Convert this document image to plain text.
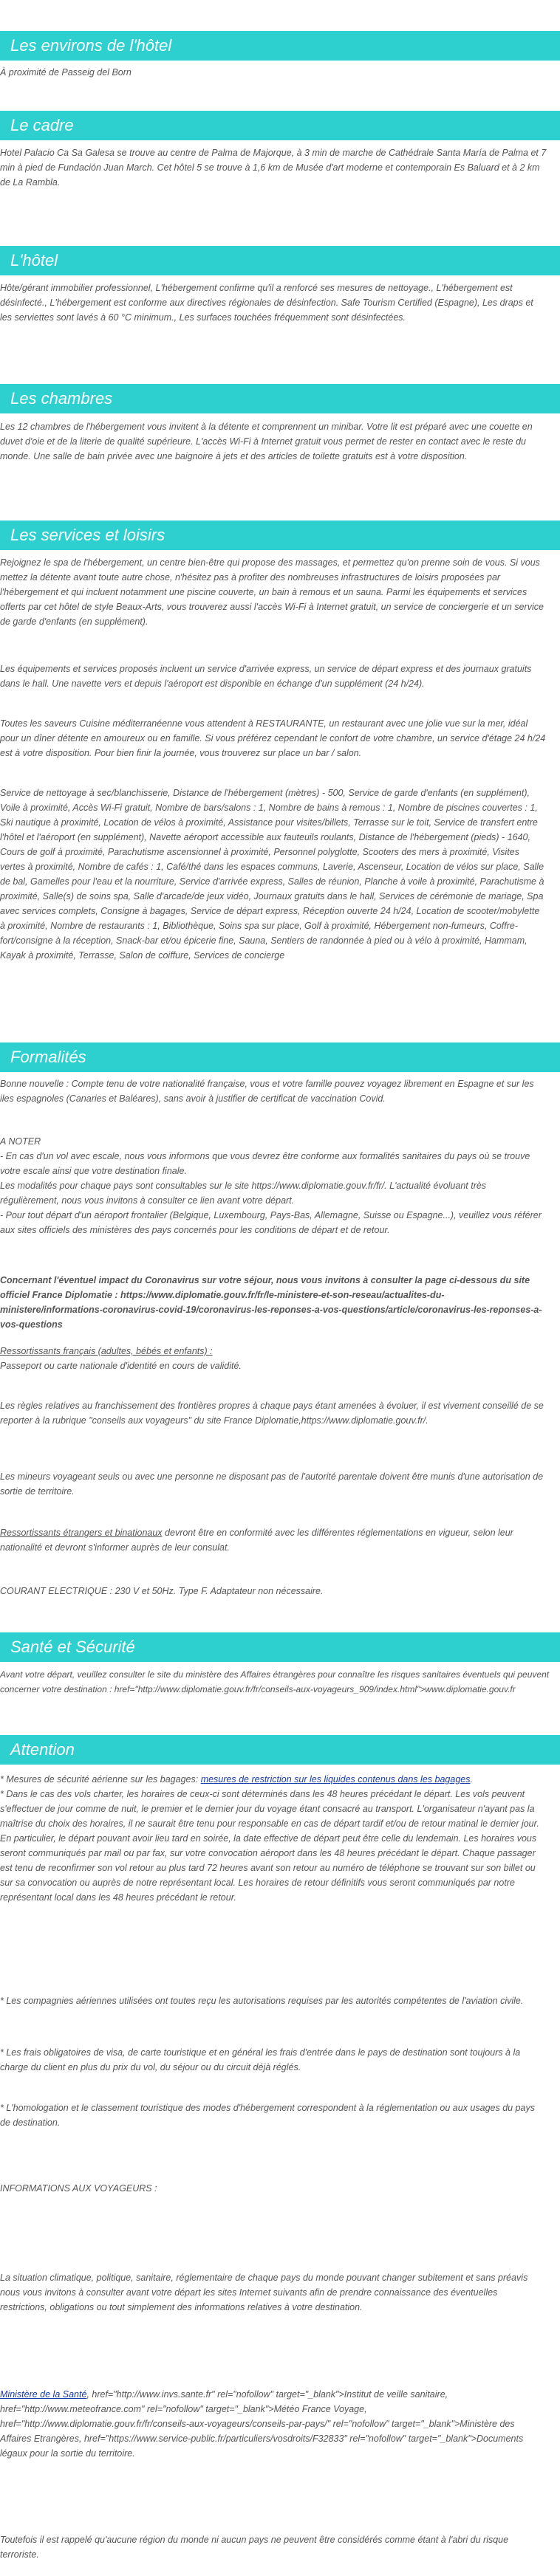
Les environs de l'hôtel

À proximité de Passeig del Born

Le cadre

Hotel Palacio Ca Sa Galesa se trouve au centre de Palma de Majorque, à 3 min de marche de Cathédrale Santa María de Palma et 7 min à pied de Fundación Juan March. Cet hôtel 5 se trouve à 1,6 km de Musée d'art moderne et contemporain Es Baluard et à 2 km de La Rambla.

L'hôtel

Hôte/gérant immobilier professionnel, L'hébergement confirme qu'il a renforcé ses mesures de nettoyage., L'hébergement est désinfecté., L'hébergement est conforme aux directives régionales de désinfection. Safe Tourism Certified (Espagne), Les draps et les serviettes sont lavés à 60 °C minimum., Les surfaces touchées fréquemment sont désinfectées.

Les chambres

Les 12 chambres de l'hébergement vous invitent à la détente et comprennent un minibar. Votre lit est préparé avec une couette en duvet d'oie et de la literie de qualité supérieure. L'accès Wi-Fi à Internet gratuit vous permet de rester en contact avec le reste du monde. Une salle de bain privée avec une baignoire à jets et des articles de toilette gratuits est à votre disposition.

Les services et loisirs

Rejoignez le spa de l'hébergement, un centre bien-être qui propose des massages, et permettez qu'on prenne soin de vous. Si vous mettez la détente avant toute autre chose, n'hésitez pas à profiter des nombreuses infrastructures de loisirs proposées par l'hébergement et qui incluent notamment une piscine couverte, un bain à remous et un sauna. Parmi les équipements et services offerts par cet hôtel de style Beaux-Arts, vous trouverez aussi l'accès Wi-Fi à Internet gratuit, un service de conciergerie et un service de garde d'enfants (en supplément).

Les équipements et services proposés incluent un service d'arrivée express, un service de départ express et des journaux gratuits dans le hall. Une navette vers et depuis l'aéroport est disponible en échange d'un supplément (24 h/24).

Toutes les saveurs Cuisine méditerranéenne vous attendent à RESTAURANTE, un restaurant avec une jolie vue sur la mer, idéal pour un dîner détente en amoureux ou en famille. Si vous préférez cependant le confort de votre chambre, un service d'étage 24 h/24 est à votre disposition. Pour bien finir la journée, vous trouverez sur place un bar / salon.

Service de nettoyage à sec/blanchisserie, Distance de l'hébergement (mètres) - 500, Service de garde d'enfants (en supplément), Voile à proximité, Accès Wi-Fi gratuit, Nombre de bars/salons : 1, Nombre de bains à remous : 1, Nombre de piscines couvertes : 1, Ski nautique à proximité, Location de vélos à proximité, Assistance pour visites/billets, Terrasse sur le toit, Service de transfert entre l'hôtel et l'aéroport (en supplément), Navette aéroport accessible aux fauteuils roulants, Distance de l'hébergement (pieds) - 1640, Cours de golf à proximité, Parachutisme ascensionnel à proximité, Personnel polyglotte, Scooters des mers à proximité, Visites vertes à proximité, Nombre de cafés : 1, Café/thé dans les espaces communs, Laverie, Ascenseur, Location de vélos sur place, Salle de bal, Gamelles pour l'eau et la nourriture, Service d'arrivée express, Salles de réunion, Planche à voile à proximité, Parachutisme à proximité, Salle(s) de soins spa, Salle d'arcade/de jeux vidéo, Journaux gratuits dans le hall, Services de cérémonie de mariage, Spa avec services complets, Consigne à bagages, Service de départ express, Réception ouverte 24 h/24, Location de scooter/mobylette à proximité, Nombre de restaurants : 1, Bibliothèque, Soins spa sur place, Golf à proximité, Hébergement non-fumeurs, Coffre-fort/consigne à la réception, Snack-bar et/ou épicerie fine, Sauna, Sentiers de randonnée à pied ou à vélo à proximité, Hammam, Kayak à proximité, Terrasse, Salon de coiffure, Services de concierge

Formalités

Bonne nouvelle : Compte tenu de votre nationalité française, vous et votre famille pouvez voyagez librement en Espagne et sur les iles espagnoles (Canaries et Baléares), sans avoir à justifier de certificat de vaccination Covid.

A NOTER

- En cas d'un vol avec escale, nous vous informons que vous devrez être conforme aux formalités sanitaires du pays où se trouve votre escale ainsi que votre destination finale.

Les modalités pour chaque pays sont consultables sur le site https://www.diplomatie.gouv.fr/fr/. L'actualité évoluant très régulièrement, nous vous invitons à consulter ce lien avant votre départ.

- Pour tout départ d'un aéroport frontalier (Belgique, Luxembourg, Pays-Bas, Allemagne, Suisse ou Espagne...), veuillez vous référer aux sites officiels des ministères des pays concernés pour les conditions de départ et de retour.

Concernant l'éventuel impact du Coronavirus sur votre séjour, nous vous invitons à consulter la page ci-dessous du site officiel France Diplomatie : https://www.diplomatie.gouv.fr/fr/le-ministere-et-son-reseau/actualites-du-ministere/informations-coronavirus-covid-19/coronavirus-les-reponses-a-vos-questions/article/coronavirus-les-reponses-a-vos-questions

Ressortissants français (adultes, bébés et enfants) :

Passeport ou carte nationale d'identité en cours de validité.

Les règles relatives au franchissement des frontières propres à chaque pays étant amenées à évoluer, il est vivement conseillé de se reporter à la rubrique "conseils aux voyageurs" du site France Diplomatie,https://www.diplomatie.gouv.fr/.

Les mineurs voyageant seuls ou avec une personne ne disposant pas de l'autorité parentale doivent être munis d'une autorisation de sortie de territoire.

Ressortissants étrangers et binationaux devront être en conformité avec les différentes réglementations en vigueur, selon leur nationalité et devront s'informer auprès de leur consulat.

COURANT ELECTRIQUE : 230 V et 50Hz. Type F. Adaptateur non nécessaire.

Santé et Sécurité

Avant votre départ, veuillez consulter le site du ministère des Affaires étrangères pour connaître les risques sanitaires éventuels qui peuvent concerner votre destination : href="http://www.diplomatie.gouv.fr/fr/conseils-aux-voyageurs_909/index.html">www.diplomatie.gouv.fr

Attention

* Mesures de sécurité aérienne sur les bagages: mesures de restriction sur les liquides contenus dans les bagages.

* Dans le cas des vols charter, les horaires de ceux-ci sont déterminés dans les 48 heures précédant le départ. Les vols peuvent s'effectuer de jour comme de nuit, le premier et le dernier jour du voyage étant consacré au transport. L'organisateur n'ayant pas la maîtrise du choix des horaires, il ne saurait être tenu pour responsable en cas de départ tardif et/ou de retour matinal le dernier jour. En particulier, le départ pouvant avoir lieu tard en soirée, la date effective de départ peut être celle du lendemain. Les horaires vous seront communiqués par mail ou par fax, sur votre convocation aéroport dans les 48 heures précédant le départ. Chaque passager est tenu de reconfirmer son vol retour au plus tard 72 heures avant son retour au numéro de téléphone se trouvant sur son billet ou sur sa convocation ou auprès de notre représentant local. Les horaires de retour définitifs vous seront communiqués par notre représentant local dans les 48 heures précédant le retour.

* Les compagnies aériennes utilisées ont toutes reçu les autorisations requises par les autorités compétentes de l'aviation civile.

* Les frais obligatoires de visa, de carte touristique et en général les frais d'entrée dans le pays de destination sont toujours à la charge du client en plus du prix du vol, du séjour ou du circuit déjà réglés.

* L'homologation et le classement touristique des modes d'hébergement correspondent à la réglementation ou aux usages du pays de destination.

INFORMATIONS AUX VOYAGEURS :

La situation climatique, politique, sanitaire, réglementaire de chaque pays du monde pouvant changer subitement et sans préavis

nous vous invitons à consulter avant votre départ les sites Internet suivants afin de prendre connaissance des éventuelles restrictions, obligations ou tout simplement des informations relatives à votre destination.

Ministère de la Santé, href="http://www.invs.sante.fr" rel="nofollow" target="_blank">Institut de veille sanitaire, href="http://www.meteofrance.com" rel="nofollow" target="_blank">Météo France Voyage, href="http://www.diplomatie.gouv.fr/fr/conseils-aux-voyageurs/conseils-par-pays/" rel="nofollow" target="_blank">Ministère des Affaires Etrangères, href="https://www.service-public.fr/particuliers/vosdroits/F32833" rel="nofollow" target="_blank">Documents légaux pour la sortie du territoire.

Toutefois il est rappelé qu'aucune région du monde ni aucun pays ne peuvent être considérés comme étant à l'abri du risque terroriste.
